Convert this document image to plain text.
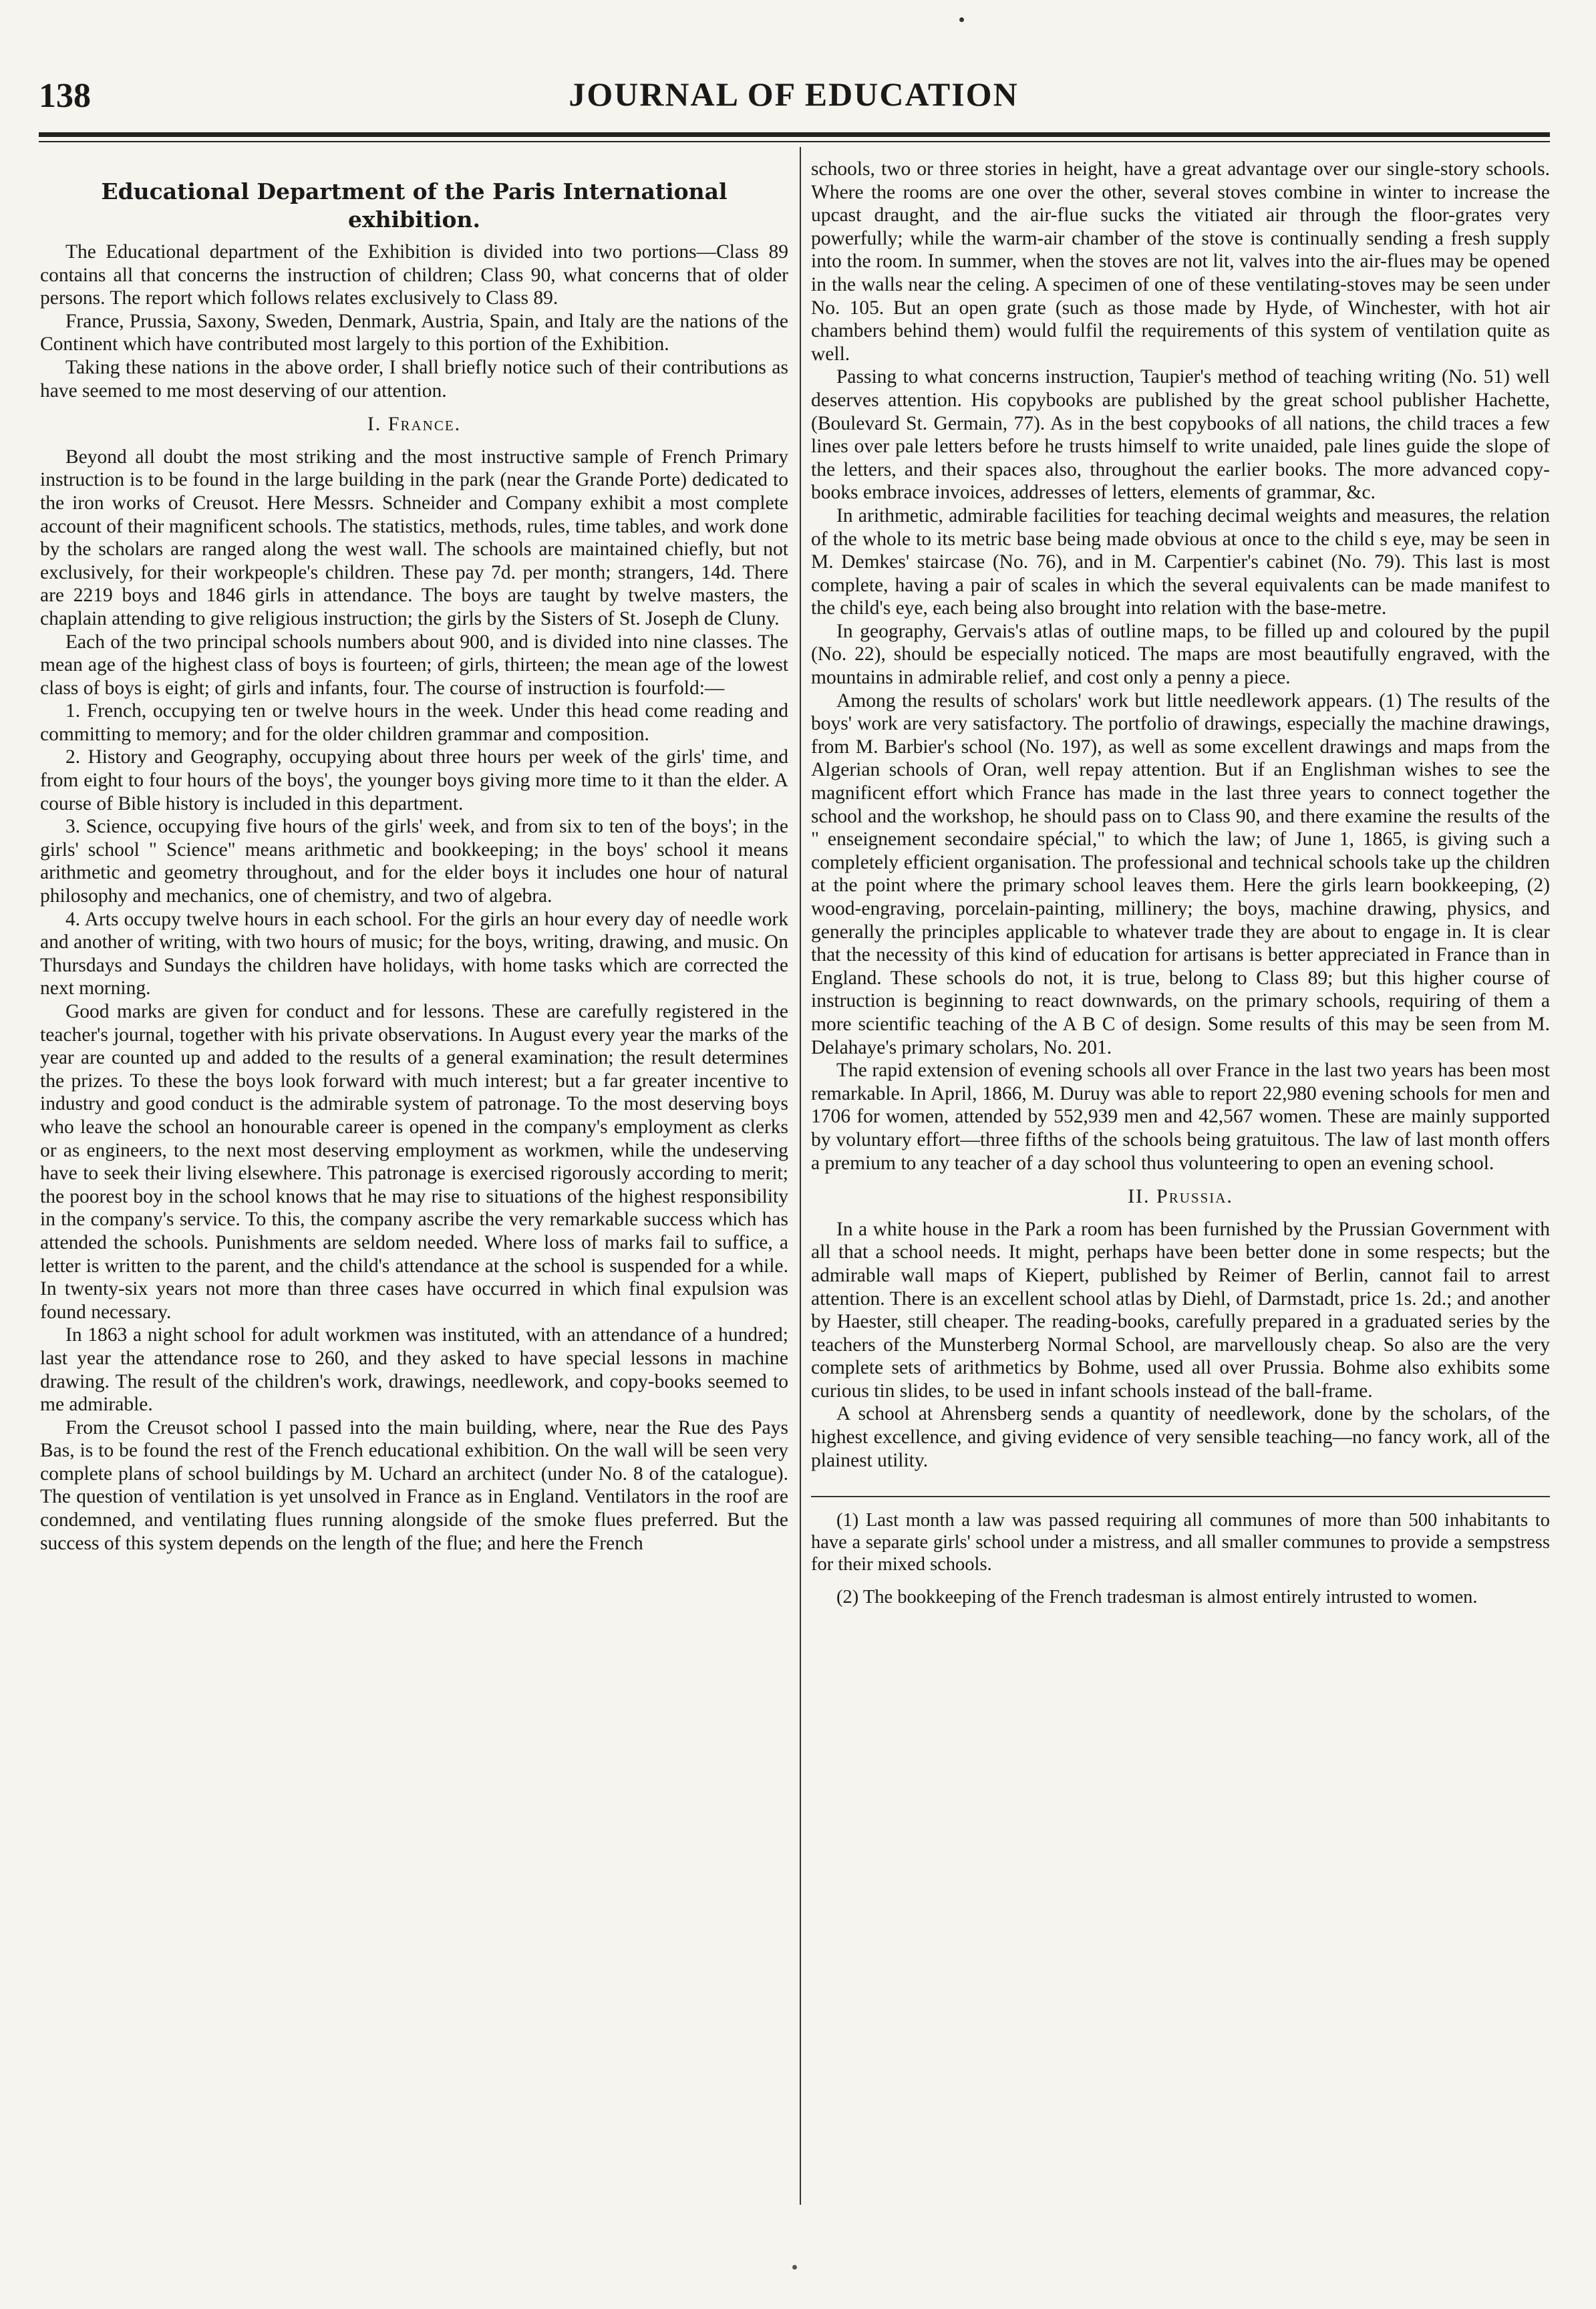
138	JOURNAL OF EDUCATION
Educational Department of the Paris International exhibition.

The Educational department of the Exhibition is divided into two portions—Class 89 contains all that concerns the instruction of children; Class 90, what concerns that of older persons. The report which follows relates exclusively to Class 89.

France, Prussia, Saxony, Sweden, Denmark, Austria, Spain, and Italy are the nations of the Continent which have contributed most largely to this portion of the Exhibition.

Taking these nations in the above order, I shall briefly notice such of their contributions as have seemed to me most deserving of our attention.

I. France.

Beyond all doubt the most striking and the most instructive sample of French Primary instruction is to be found in the large building in the park (near the Grande Porte) dedicated to the iron works of Creusot. Here Messrs. Schneider and Company exhibit a most complete account of their magnificent schools. The statistics, methods, rules, time tables, and work done by the scholars are ranged along the west wall. The schools are maintained chiefly, but not exclusively, for their workpeople's children. These pay 7d. per month; strangers, 14d. There are 2219 boys and 1846 girls in attendance. The boys are taught by twelve masters, the chaplain attending to give religious instruction; the girls by the Sisters of St. Joseph de Cluny.

Each of the two principal schools numbers about 900, and is divided into nine classes. The mean age of the highest class of boys is fourteen; of girls, thirteen; the mean age of the lowest class of boys is eight; of girls and infants, four. The course of instruction is fourfold:—

1. French, occupying ten or twelve hours in the week. Under this head come reading and committing to memory; and for the older children grammar and composition.

2. History and Geography, occupying about three hours per week of the girls' time, and from eight to four hours of the boys', the younger boys giving more time to it than the elder. A course of Bible history is included in this department.

3. Science, occupying five hours of the girls' week, and from six to ten of the boys'; in the girls' school " Science" means arithmetic and bookkeeping; in the boys' school it means arithmetic and geometry throughout, and for the elder boys it includes one hour of natural philosophy and mechanics, one of chemistry, and two of algebra.

4. Arts occupy twelve hours in each school. For the girls an hour every day of needle work and another of writing, with two hours of music; for the boys, writing, drawing, and music. On Thursdays and Sundays the children have holidays, with home tasks which are corrected the next morning.

Good marks are given for conduct and for lessons. These are carefully registered in the teacher's journal, together with his private observations. In August every year the marks of the year are counted up and added to the results of a general examination; the result determines the prizes. To these the boys look forward with much interest; but a far greater incentive to industry and good conduct is the admirable system of patronage. To the most deserving boys who leave the school an honourable career is opened in the company's employment as clerks or as engineers, to the next most deserving employment as workmen, while the undeserving have to seek their living elsewhere. This patronage is exercised rigorously according to merit; the poorest boy in the school knows that he may rise to situations of the highest responsibility in the company's service. To this, the company ascribe the very remarkable success which has attended the schools. Punishments are seldom needed. Where loss of marks fail to suffice, a letter is written to the parent, and the child's attendance at the school is suspended for a while. In twenty-six years not more than three cases have occurred in which final expulsion was found necessary.

In 1863 a night school for adult workmen was instituted, with an attendance of a hundred; last year the attendance rose to 260, and they asked to have special lessons in machine drawing. The result of the children's work, drawings, needlework, and copy-books seemed to me admirable.

From the Creusot school I passed into the main building, where, near the Rue des Pays Bas, is to be found the rest of the French educational exhibition. On the wall will be seen very complete plans of school buildings by M. Uchard an architect (under No. 8 of the catalogue). The question of ventilation is yet unsolved in France as in England. Ventilators in the roof are condemned, and ventilating flues running alongside of the smoke flues preferred. But the success of this system depends on the length of the flue; and here the French

schools, two or three stories in height, have a great advantage over our single-story schools. Where the rooms are one over the other, several stoves combine in winter to increase the upcast draught, and the air-flue sucks the vitiated air through the floor-grates very powerfully; while the warm-air chamber of the stove is continually sending a fresh supply into the room. In summer, when the stoves are not lit, valves into the air-flues may be opened in the walls near the celing. A specimen of one of these ventilating-stoves may be seen under No. 105. But an open grate (such as those made by Hyde, of Winchester, with hot air chambers behind them) would fulfil the requirements of this system of ventilation quite as well.

Passing to what concerns instruction, Taupier's method of teaching writing (No. 51) well deserves attention. His copybooks are published by the great school publisher Hachette, (Boulevard St. Germain, 77). As in the best copybooks of all nations, the child traces a few lines over pale letters before he trusts himself to write unaided, pale lines guide the slope of the letters, and their spaces also, throughout the earlier books. The more advanced copy-books embrace invoices, addresses of letters, elements of grammar, &c.

In arithmetic, admirable facilities for teaching decimal weights and measures, the relation of the whole to its metric base being made obvious at once to the child s eye, may be seen in M. Demkes' staircase (No. 76), and in M. Carpentier's cabinet (No. 79). This last is most complete, having a pair of scales in which the several equivalents can be made manifest to the child's eye, each being also brought into relation with the base-metre.

In geography, Gervais's atlas of outline maps, to be filled up and coloured by the pupil (No. 22), should be especially noticed. The maps are most beautifully engraved, with the mountains in admirable relief, and cost only a penny a piece.

Among the results of scholars' work but little needlework appears. (1) The results of the boys' work are very satisfactory. The portfolio of drawings, especially the machine drawings, from M. Barbier's school (No. 197), as well as some excellent drawings and maps from the Algerian schools of Oran, well repay attention. But if an Englishman wishes to see the magnificent effort which France has made in the last three years to connect together the school and the workshop, he should pass on to Class 90, and there examine the results of the " enseignement secondaire spécial," to which the law; of June 1, 1865, is giving such a completely efficient organisation. The professional and technical schools take up the children at the point where the primary school leaves them. Here the girls learn bookkeeping, (2) wood-engraving, porcelain-painting, millinery; the boys, machine drawing, physics, and generally the principles applicable to whatever trade they are about to engage in. It is clear that the necessity of this kind of education for artisans is better appreciated in France than in England. These schools do not, it is true, belong to Class 89; but this higher course of instruction is beginning to react downwards, on the primary schools, requiring of them a more scientific teaching of the A B C of design. Some results of this may be seen from M. Delahaye's primary scholars, No. 201.

The rapid extension of evening schools all over France in the last two years has been most remarkable. In April, 1866, M. Duruy was able to report 22,980 evening schools for men and 1706 for women, attended by 552,939 men and 42,567 women. These are mainly supported by voluntary effort—three fifths of the schools being gratuitous. The law of last month offers a premium to any teacher of a day school thus volunteering to open an evening school.

II. Prussia.

In a white house in the Park a room has been furnished by the Prussian Government with all that a school needs. It might, perhaps have been better done in some respects; but the admirable wall maps of Kiepert, published by Reimer of Berlin, cannot fail to arrest attention. There is an excellent school atlas by Diehl, of Darmstadt, price 1s. 2d.; and another by Haester, still cheaper. The reading-books, carefully prepared in a graduated series by the teachers of the Munsterberg Normal School, are marvellously cheap. So also are the very complete sets of arithmetics by Bohme, used all over Prussia. Bohme also exhibits some curious tin slides, to be used in infant schools instead of the ball-frame.

A school at Ahrensberg sends a quantity of needlework, done by the scholars, of the highest excellence, and giving evidence of very sensible teaching—no fancy work, all of the plainest utility.

(1) Last month a law was passed requiring all communes of more than 500 inhabitants to have a separate girls' school under a mistress, and all smaller communes to provide a sempstress for their mixed schools.

(2) The bookkeeping of the French tradesman is almost entirely intrusted to women.
